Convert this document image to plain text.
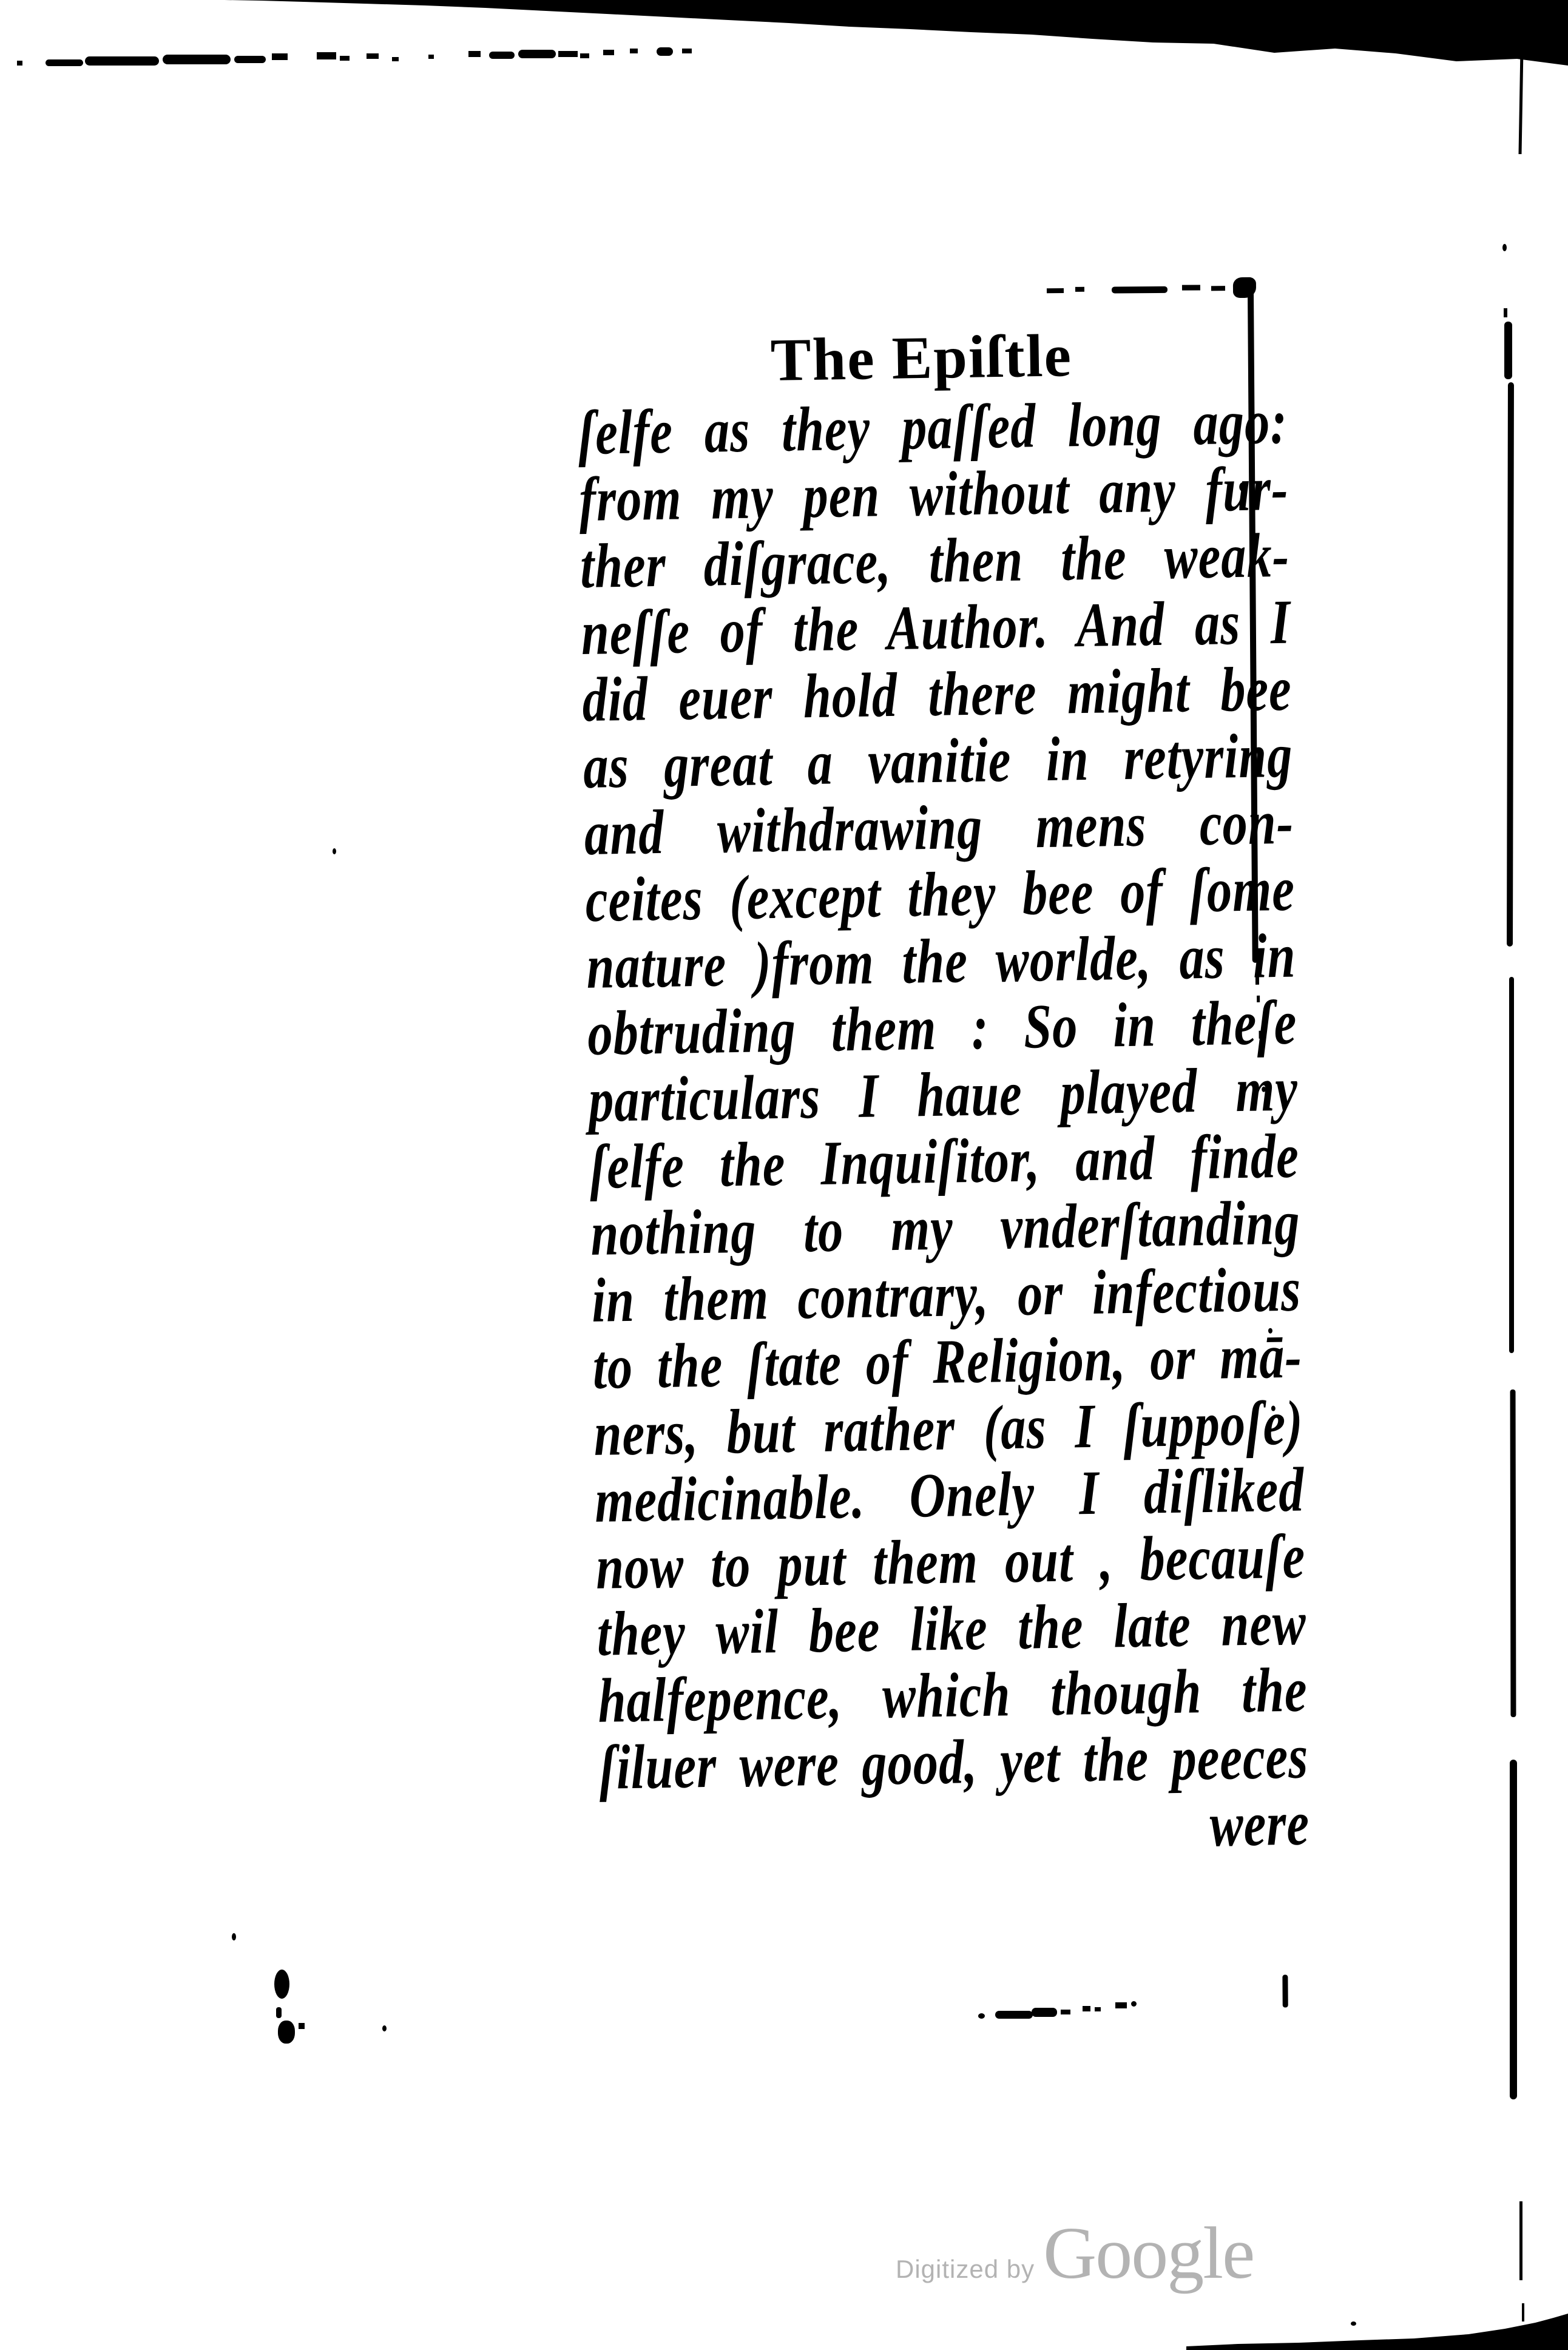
The Epiſtle
ſelfe as they paſſed long ago:
from my pen without any fur-
ther diſgrace, then the weak-
neſſe of the Author. And as I
did euer hold there might bee
as great a vanitie in retyring
and withdrawing mens con-
ceites (except they bee of ſome
nature )from the worlde, as in
obtruding them : So in theſe
particulars I haue played my
ſelfe the Inquiſitor, and finde
nothing to my vnderſtanding
in them contrary, or infectious
to the ſtate of Religion, or mā-
ners, but rather (as I ſuppoſe)
medicinable. Onely I diſliked
now to put them out , becauſe
they wil bee like the late new
halfepence, which though the
ſiluer were good, yet the peeces
were
Digitized by Google
